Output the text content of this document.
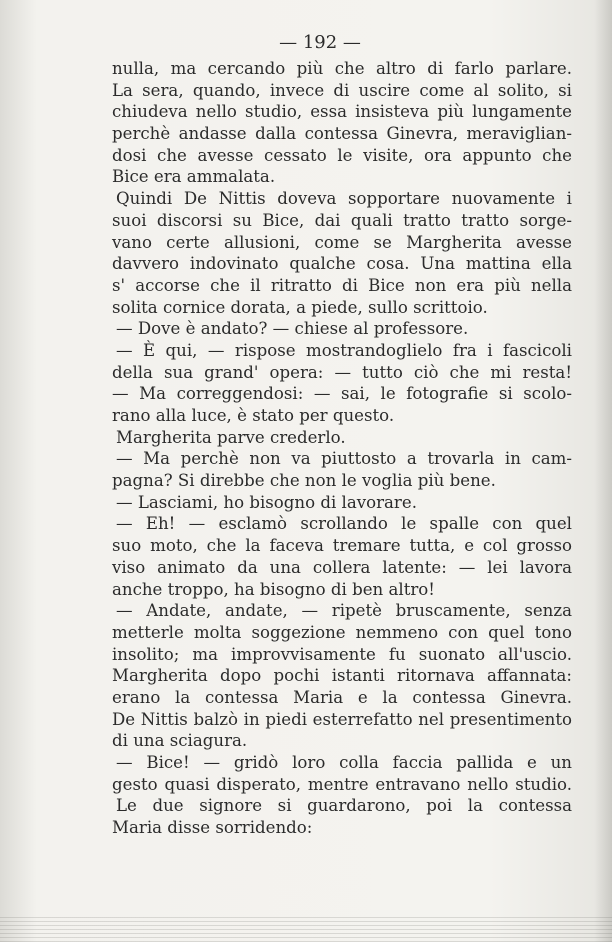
— 192 —
nulla, ma cercando più che altro di farlo parlare.
La sera, quando, invece di uscire come al solito, si
chiudeva nello studio, essa insisteva più lungamente
perchè andasse dalla contessa Ginevra, meraviglian-
dosi che avesse cessato le visite, ora appunto che
Bice era ammalata.
Quindi De Nittis doveva sopportare nuovamente i
suoi discorsi su Bice, dai quali tratto tratto sorge-
vano certe allusioni, come se Margherita avesse
davvero indovinato qualche cosa. Una mattina ella
s' accorse che il ritratto di Bice non era più nella
solita cornice dorata, a piede, sullo scrittoio.
— Dove è andato? — chiese al professore.
— È qui, — rispose mostrandoglielo fra i fascicoli
della sua grand' opera: — tutto ciò che mi resta!
— Ma correggendosi: — sai, le fotografie si scolo-
rano alla luce, è stato per questo.
Margherita parve crederlo.
— Ma perchè non va piuttosto a trovarla in cam-
pagna? Si direbbe che non le voglia più bene.
— Lasciami, ho bisogno di lavorare.
— Eh! — esclamò scrollando le spalle con quel
suo moto, che la faceva tremare tutta, e col grosso
viso animato da una collera latente: — lei lavora
anche troppo, ha bisogno di ben altro!
— Andate, andate, — ripetè bruscamente, senza
metterle molta soggezione nemmeno con quel tono
insolito; ma improvvisamente fu suonato all'uscio.
Margherita dopo pochi istanti ritornava affannata:
erano la contessa Maria e la contessa Ginevra.
De Nittis balzò in piedi esterrefatto nel presentimento
di una sciagura.
— Bice! — gridò loro colla faccia pallida e un
gesto quasi disperato, mentre entravano nello studio.
Le due signore si guardarono, poi la contessa
Maria disse sorridendo:
